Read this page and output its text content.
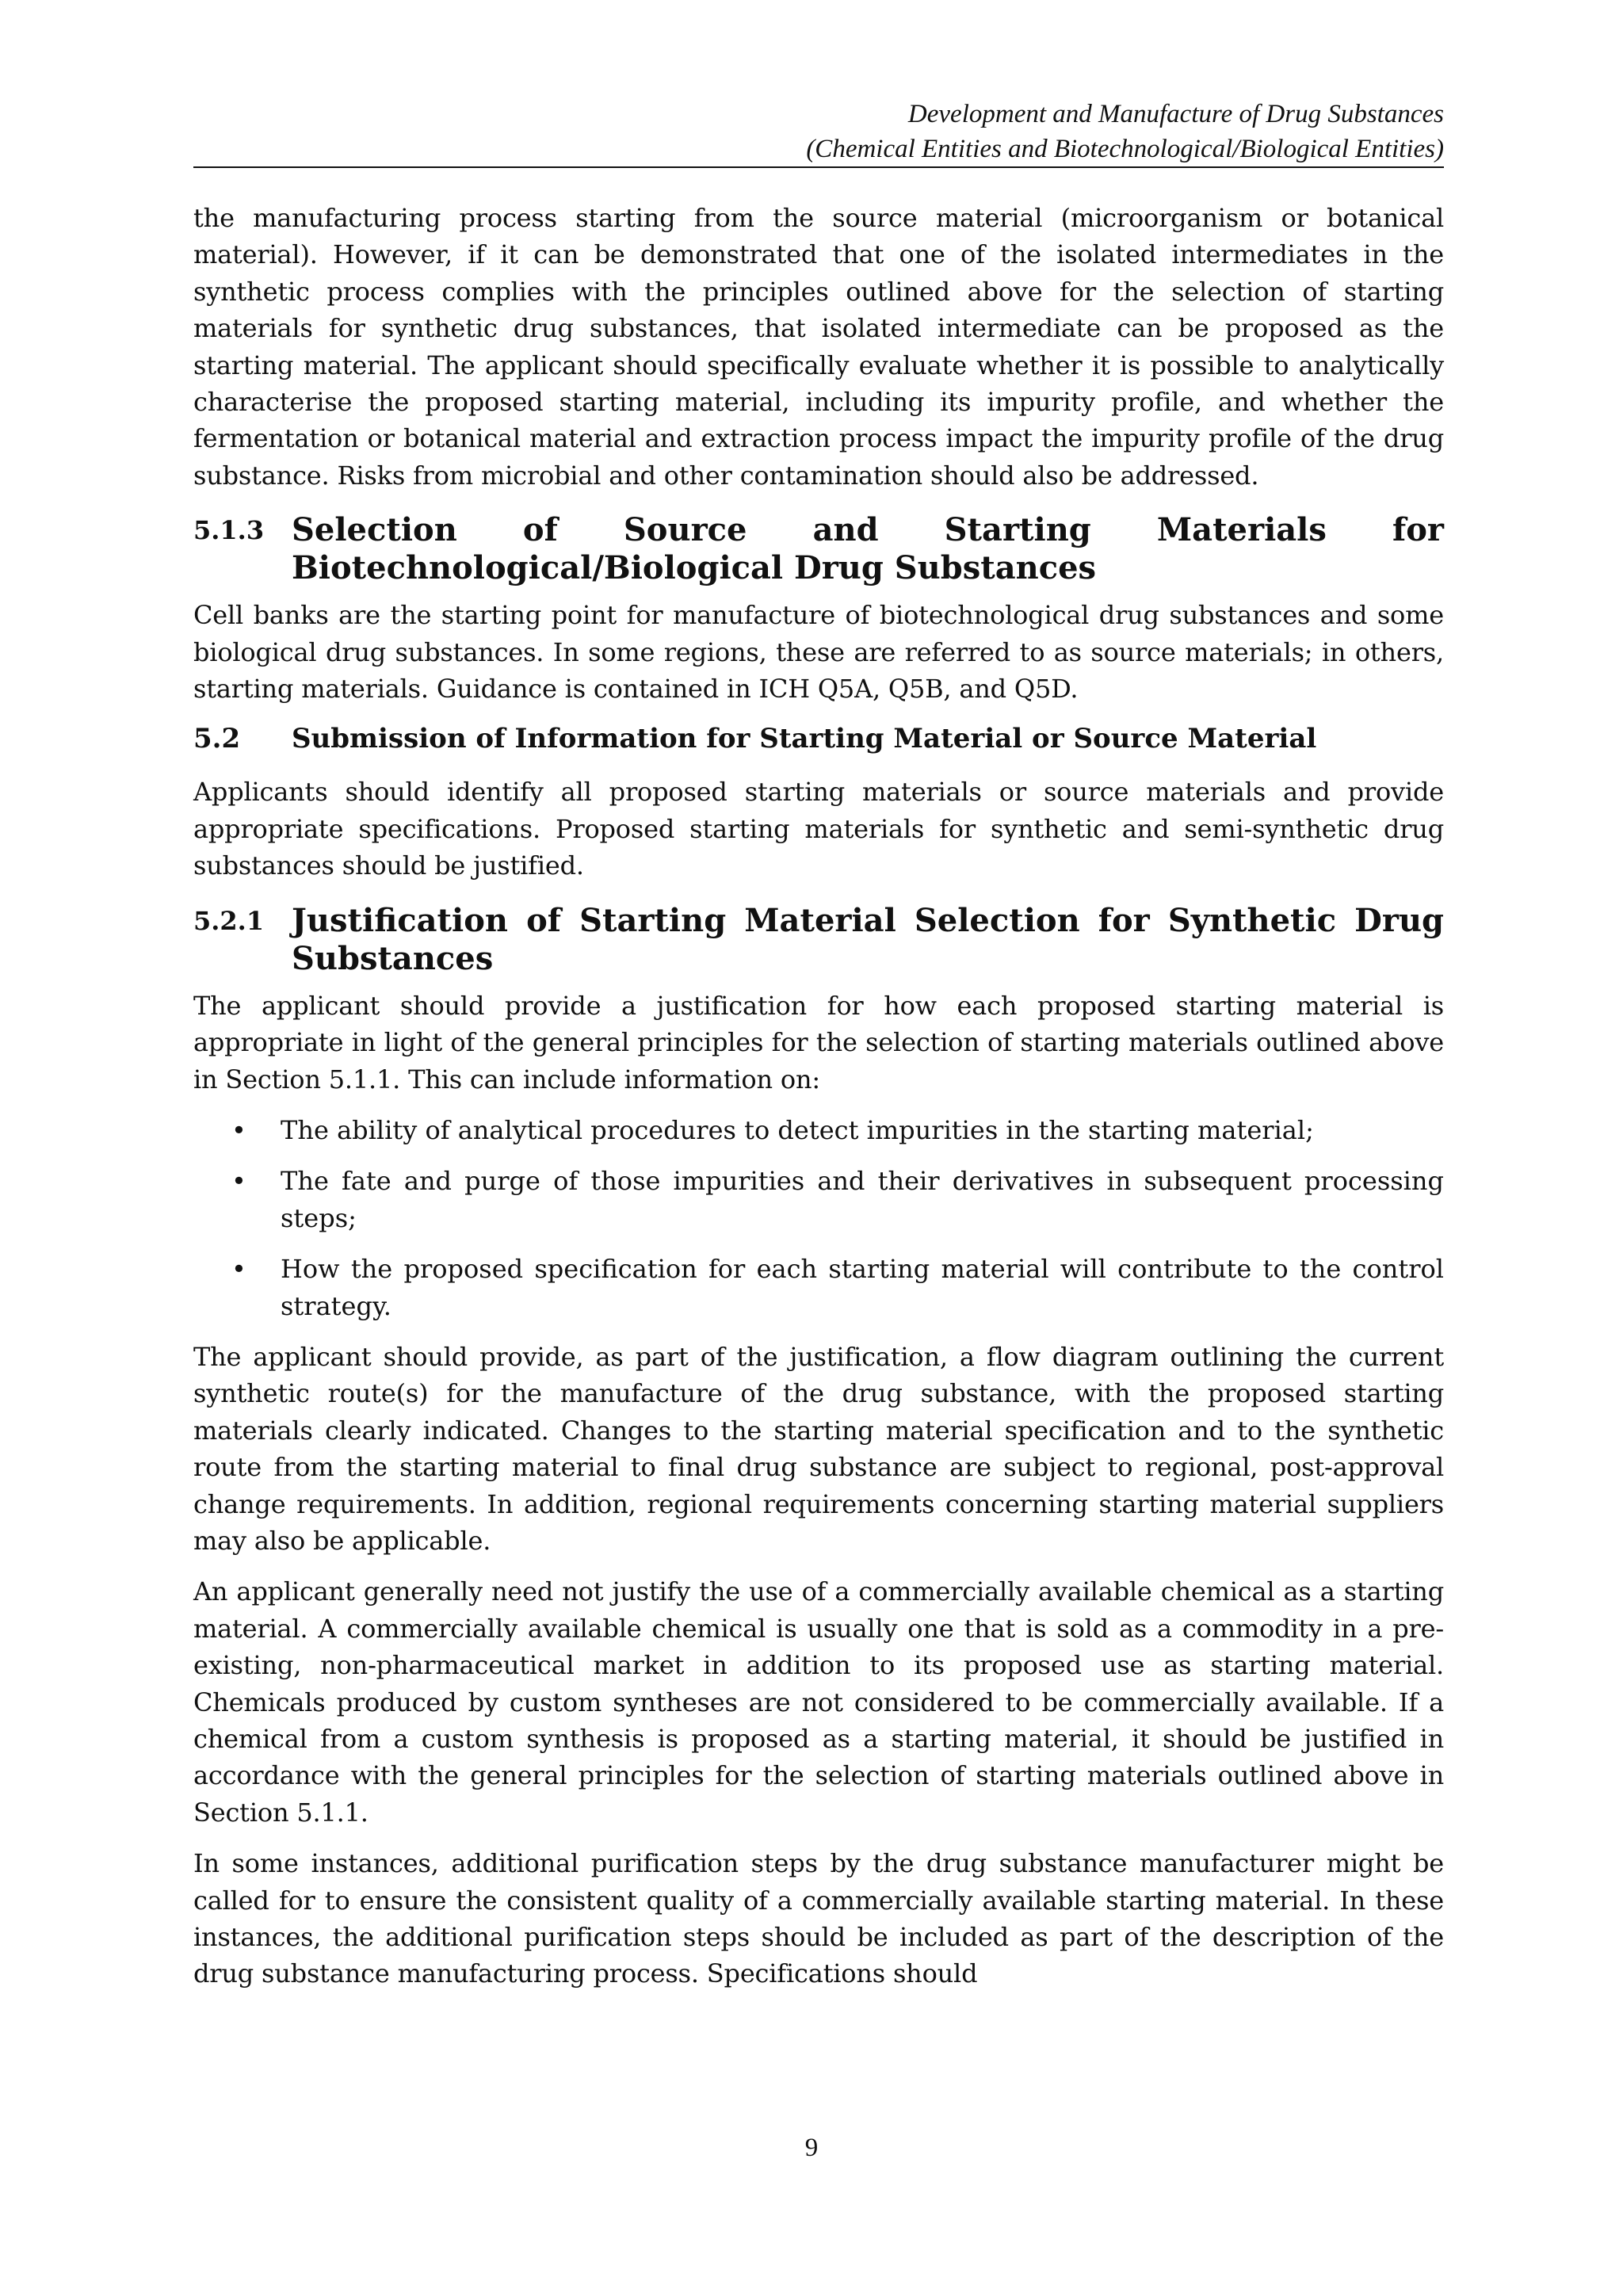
Development and Manufacture of Drug Substances
(Chemical Entities and Biotechnological/Biological Entities)

the manufacturing process starting from the source material (microorganism or botanical material). However, if it can be demonstrated that one of the isolated intermediates in the synthetic process complies with the principles outlined above for the selection of starting materials for synthetic drug substances, that isolated intermediate can be proposed as the starting material. The applicant should specifically evaluate whether it is possible to analytically characterise the proposed starting material, including its impurity profile, and whether the fermentation or botanical material and extraction process impact the impurity profile of the drug substance. Risks from microbial and other contamination should also be addressed.

5.1.3 Selection of Source and Starting Materials for Biotechnological/Biological Drug Substances

Cell banks are the starting point for manufacture of biotechnological drug substances and some biological drug substances. In some regions, these are referred to as source materials; in others, starting materials. Guidance is contained in ICH Q5A, Q5B, and Q5D.

5.2	Submission of Information for Starting Material or Source Material

Applicants should identify all proposed starting materials or source materials and provide appropriate specifications. Proposed starting materials for synthetic and semi-synthetic drug substances should be justified.

5.2.1 Justification of Starting Material Selection for Synthetic Drug Substances

The applicant should provide a justification for how each proposed starting material is appropriate in light of the general principles for the selection of starting materials outlined above in Section 5.1.1. This can include information on:

•	The ability of analytical procedures to detect impurities in the starting material;
•	The fate and purge of those impurities and their derivatives in subsequent processing steps;
•	How the proposed specification for each starting material will contribute to the control strategy.

The applicant should provide, as part of the justification, a flow diagram outlining the current synthetic route(s) for the manufacture of the drug substance, with the proposed starting materials clearly indicated. Changes to the starting material specification and to the synthetic route from the starting material to final drug substance are subject to regional, post-approval change requirements. In addition, regional requirements concerning starting material suppliers may also be applicable.

An applicant generally need not justify the use of a commercially available chemical as a starting material. A commercially available chemical is usually one that is sold as a commodity in a pre-existing, non-pharmaceutical market in addition to its proposed use as starting material. Chemicals produced by custom syntheses are not considered to be commercially available. If a chemical from a custom synthesis is proposed as a starting material, it should be justified in accordance with the general principles for the selection of starting materials outlined above in Section 5.1.1.

In some instances, additional purification steps by the drug substance manufacturer might be called for to ensure the consistent quality of a commercially available starting material. In these instances, the additional purification steps should be included as part of the description of the drug substance manufacturing process. Specifications should

9
